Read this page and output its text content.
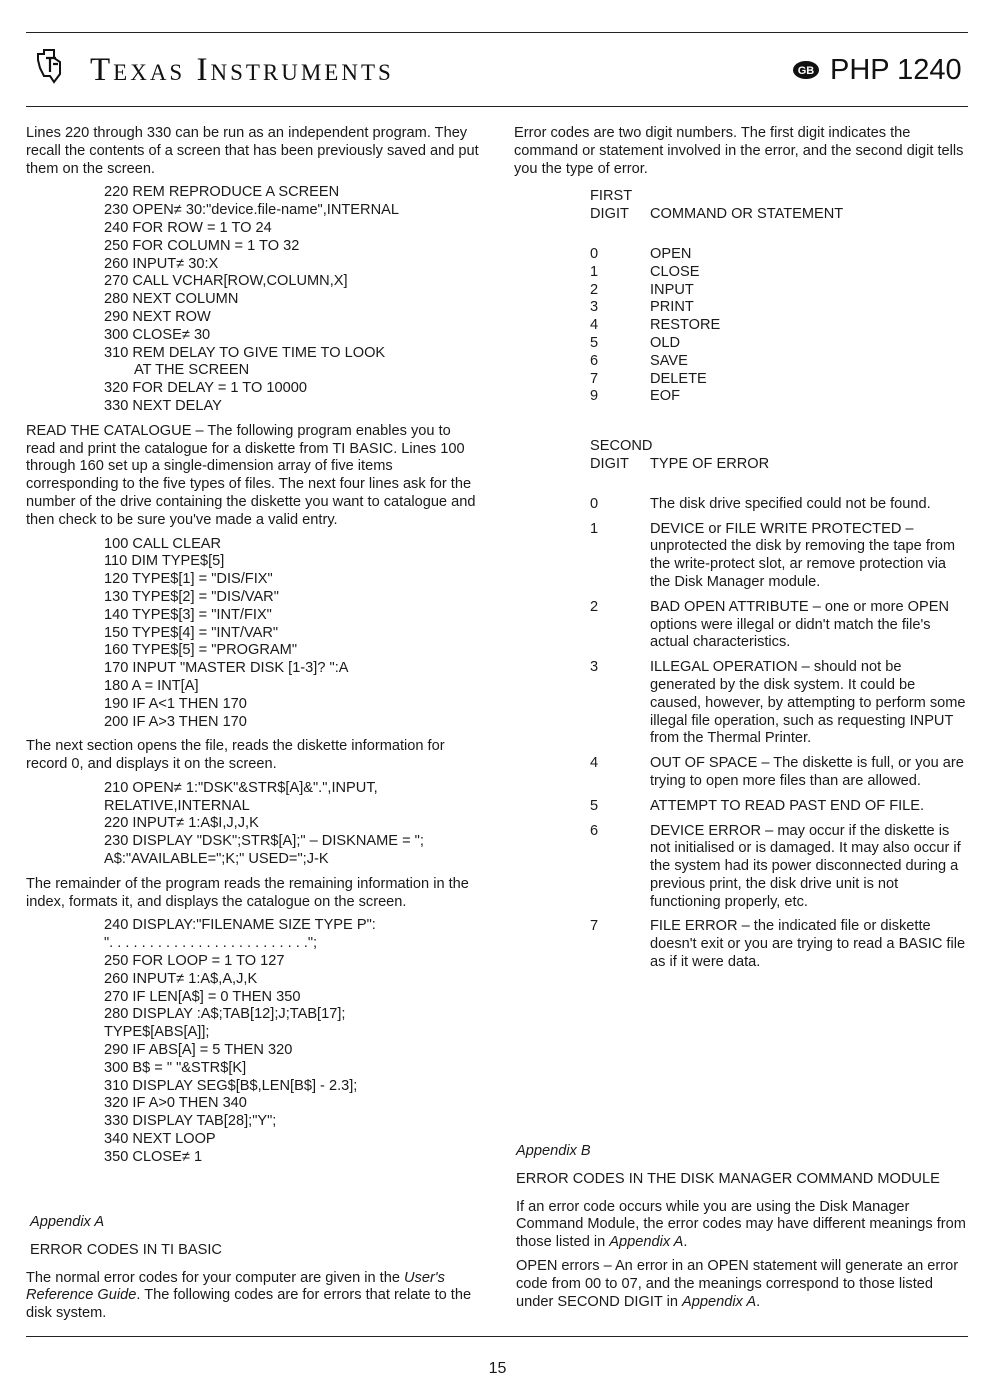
Texas Instruments	GB PHP 1240

Lines 220 through 330 can be run as an independent program. They recall the contents of a screen that has been previously saved and put them on the screen.

220 REM REPRODUCE A SCREEN
230 OPEN≠ 30:"device.file-name",INTERNAL
240 FOR ROW = 1 TO 24
250 FOR COLUMN = 1 TO 32
260 INPUT≠ 30:X
270 CALL VCHAR[ROW,COLUMN,X]
280 NEXT COLUMN
290 NEXT ROW
300 CLOSE≠ 30
310 REM DELAY TO GIVE TIME TO LOOK
AT THE SCREEN
320 FOR DELAY = 1 TO 10000
330 NEXT DELAY

READ THE CATALOGUE – The following program enables you to read and print the catalogue for a diskette from TI BASIC. Lines 100 through 160 set up a single-dimension array of five items corresponding to the five types of files. The next four lines ask for the number of the drive containing the diskette you want to catalogue and then check to be sure you've made a valid entry.

100 CALL CLEAR
110 DIM TYPE$[5]
120 TYPE$[1] = "DIS/FIX"
130 TYPE$[2] = "DIS/VAR"
140 TYPE$[3] = "INT/FIX"
150 TYPE$[4] = "INT/VAR"
160 TYPE$[5] = "PROGRAM"
170 INPUT "MASTER DISK [1-3]? ":A
180 A = INT[A]
190 IF A<1 THEN 170
200 IF A>3 THEN 170

The next section opens the file, reads the diskette information for record 0, and displays it on the screen.

210 OPEN≠ 1:"DSK"&STR$[A]&".",INPUT,
RELATIVE,INTERNAL
220 INPUT≠ 1:A$I,J,J,K
230 DISPLAY "DSK";STR$[A];" – DISKNAME = ";
A$:"AVAILABLE=";K;" USED=";J-K

The remainder of the program reads the remaining information in the index, formats it, and displays the catalogue on the screen.

240 DISPLAY:"FILENAME SIZE TYPE P":
". . . . . . . . . . . . . . . . . . . . . . . . .";
250 FOR LOOP = 1 TO 127
260 INPUT≠ 1:A$,A,J,K
270 IF LEN[A$] = 0 THEN 350
280 DISPLAY :A$;TAB[12];J;TAB[17];
TYPE$[ABS[A]];
290 IF ABS[A] = 5 THEN 320
300 B$ = " "&STR$[K]
310 DISPLAY SEG$[B$,LEN[B$] - 2.3];
320 IF A>0 THEN 340
330 DISPLAY TAB[28];"Y";
340 NEXT LOOP
350 CLOSE≠ 1

Appendix A

ERROR CODES IN TI BASIC

The normal error codes for your computer are given in the User's Reference Guide. The following codes are for errors that relate to the disk system.

Error codes are two digit numbers. The first digit indicates the command or statement involved in the error, and the second digit tells you the type of error.

FIRST
DIGIT	COMMAND OR STATEMENT
0	OPEN
1	CLOSE
2	INPUT
3	PRINT
4	RESTORE
5	OLD
6	SAVE
7	DELETE
9	EOF
SECOND
DIGIT	TYPE OF ERROR
0	The disk drive specified could not be found.
1	DEVICE or FILE WRITE PROTECTED – unprotected the disk by removing the tape from the write-protect slot, ar remove protection via the Disk Manager module.
2	BAD OPEN ATTRIBUTE – one or more OPEN options were illegal or didn't match the file's actual characteristics.
3	ILLEGAL OPERATION – should not be generated by the disk system. It could be caused, however, by attempting to perform some illegal file operation, such as requesting INPUT from the Thermal Printer.
4	OUT OF SPACE – The diskette is full, or you are trying to open more files than are allowed.
5	ATTEMPT TO READ PAST END OF FILE.
6	DEVICE ERROR – may occur if the diskette is not initialised or is damaged. It may also occur if the system had its power disconnected during a previous print, the disk drive unit is not functioning properly, etc.
7	FILE ERROR – the indicated file or diskette doesn't exit or you are trying to read a BASIC file as if it were data.

Appendix B

ERROR CODES IN THE DISK MANAGER COMMAND MODULE

If an error code occurs while you are using the Disk Manager Command Module, the error codes may have different meanings from those listed in Appendix A.

OPEN errors – An error in an OPEN statement will generate an error code from 00 to 07, and the meanings correspond to those listed under SECOND DIGIT in Appendix A.

15
